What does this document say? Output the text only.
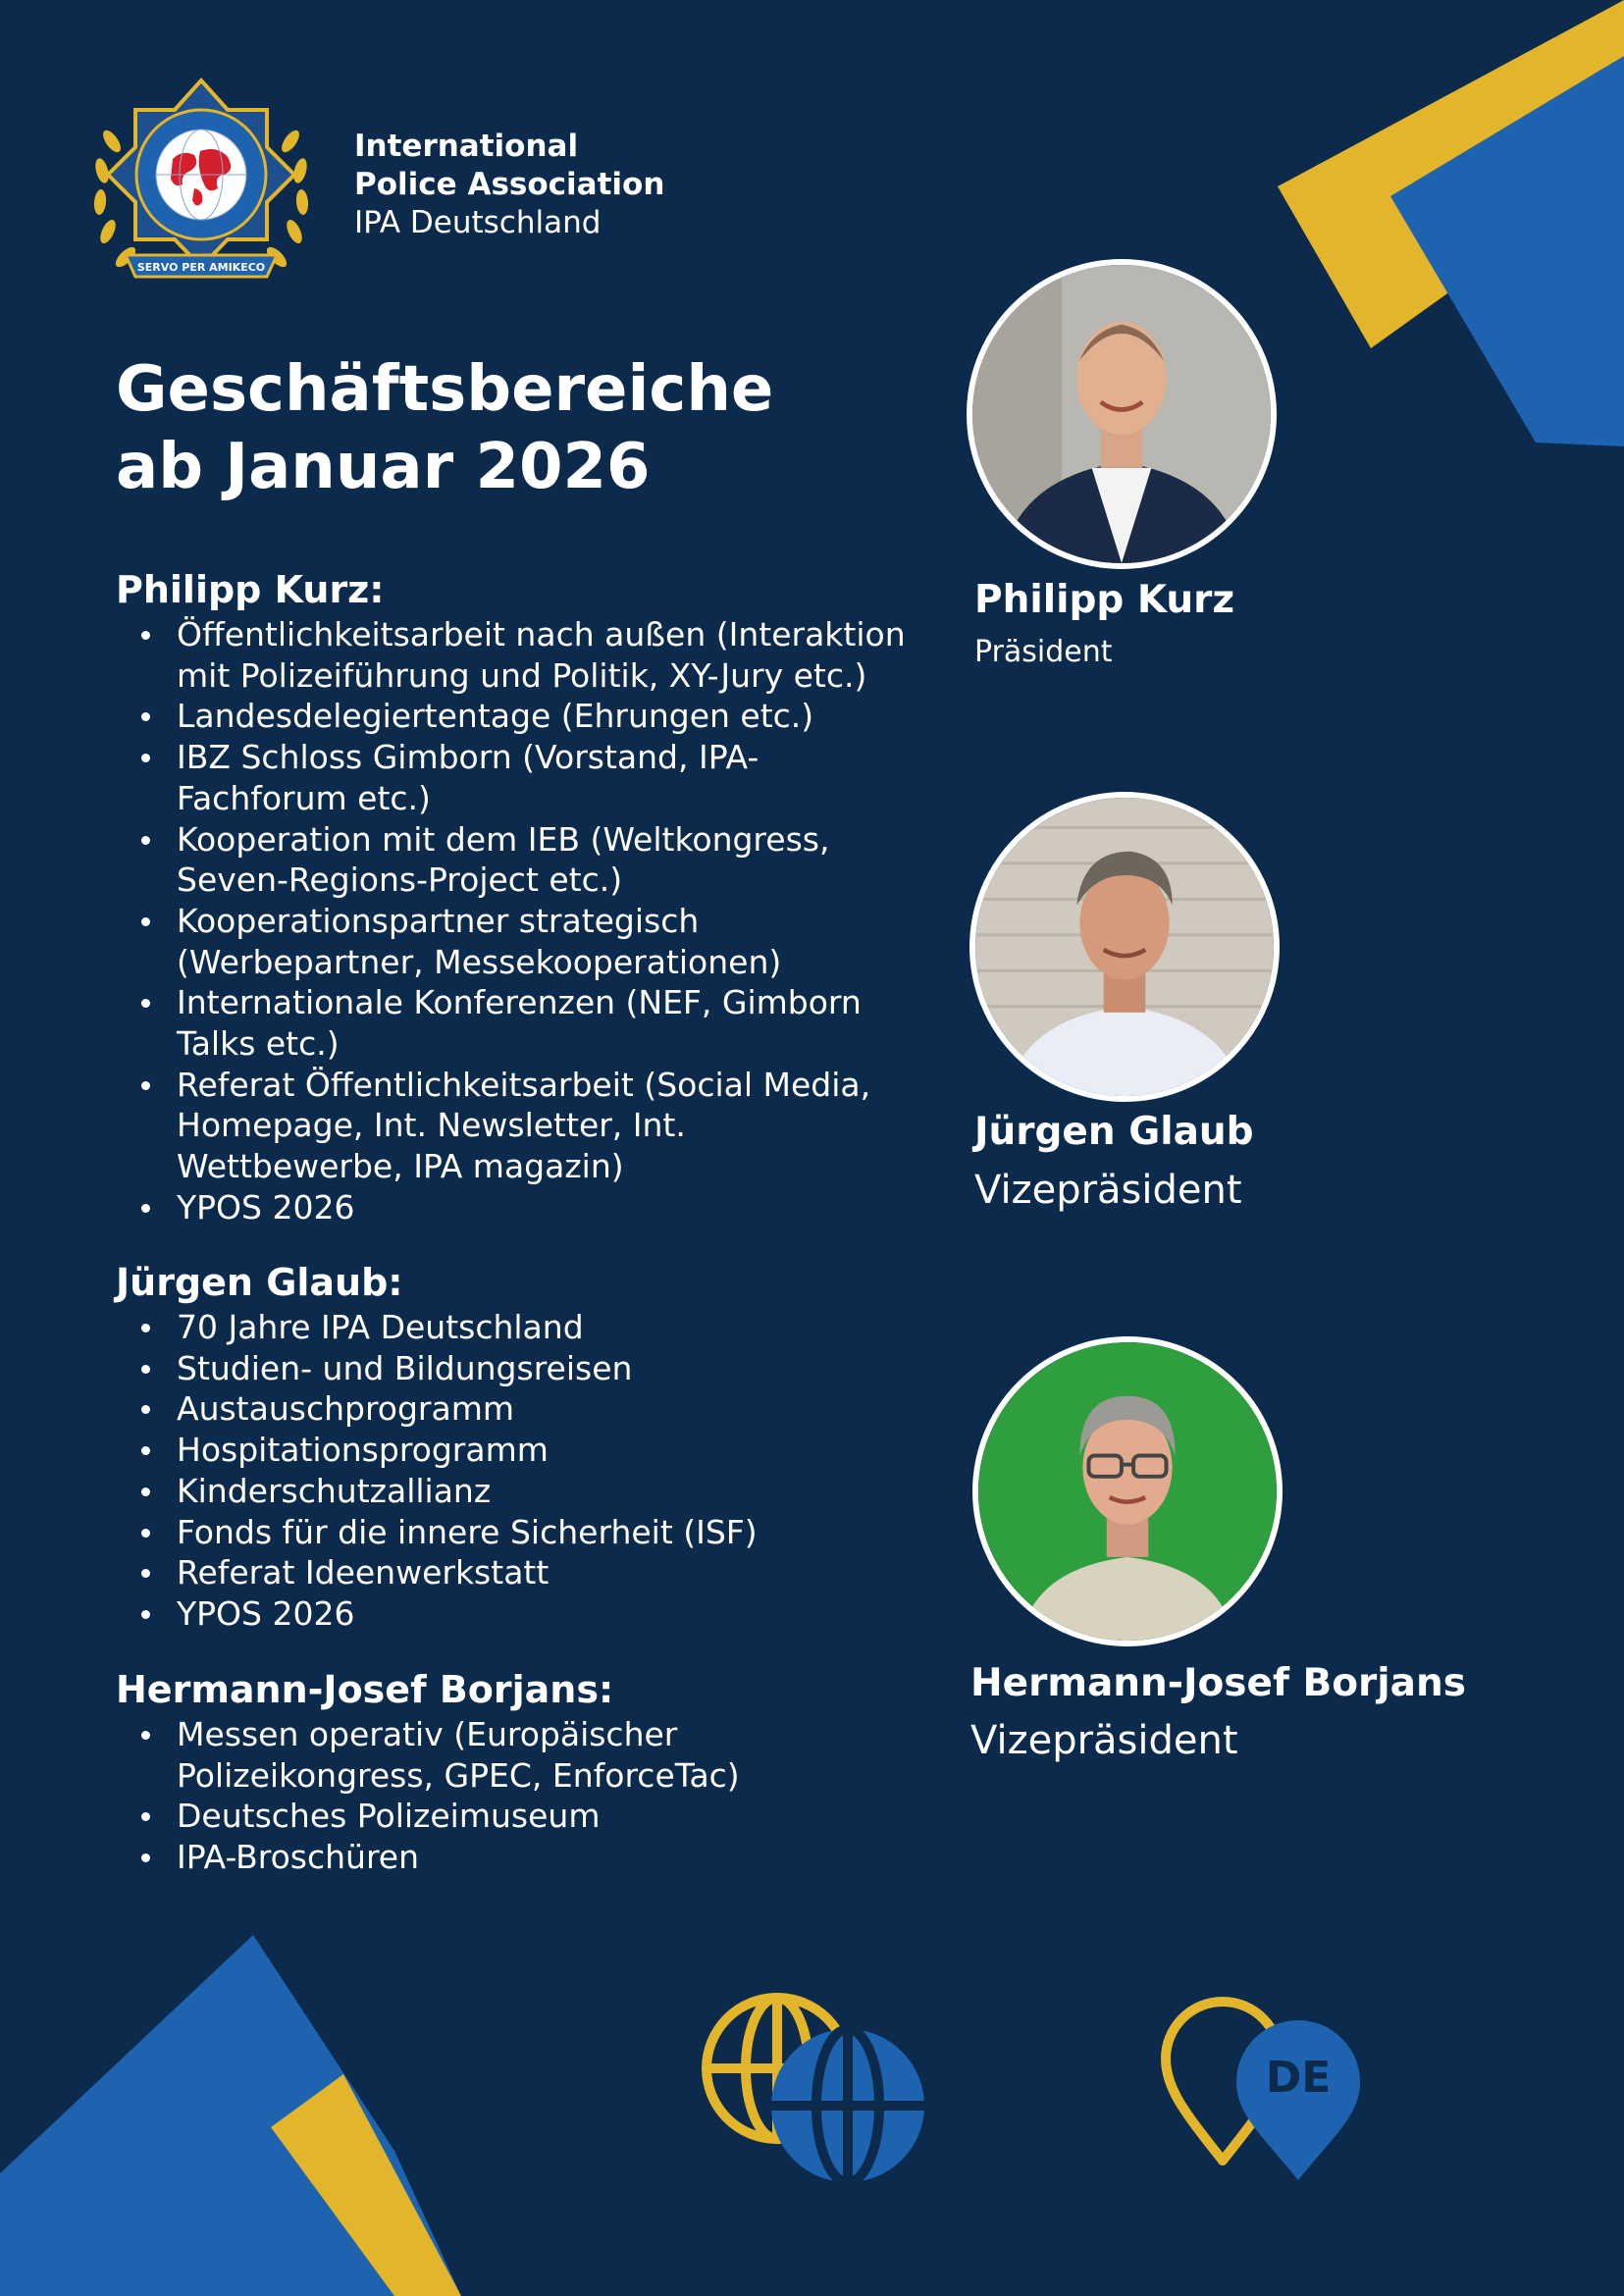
SERVO PER AMIKECO
International
Police Association
IPA Deutschland
Geschäftsbereiche
ab Januar 2026
Philipp Kurz:
Öffentlichkeitsarbeit nach außen (Interaktion
mit Polizeiführung und Politik, XY-Jury etc.)
Landesdelegiertentage (Ehrungen etc.)
IBZ Schloss Gimborn (Vorstand, IPA-
Fachforum etc.)
Kooperation mit dem IEB (Weltkongress,
Seven-Regions-Project etc.)
Kooperationspartner strategisch
(Werbepartner, Messekooperationen)
Internationale Konferenzen (NEF, Gimborn
Talks etc.)
Referat Öffentlichkeitsarbeit (Social Media,
Homepage, Int. Newsletter, Int.
Wettbewerbe, IPA magazin)
YPOS 2026
Jürgen Glaub:
70 Jahre IPA Deutschland
Studien- und Bildungsreisen
Austauschprogramm
Hospitationsprogramm
Kinderschutzallianz
Fonds für die innere Sicherheit (ISF)
Referat Ideenwerkstatt
YPOS 2026
Hermann-Josef Borjans:
Messen operativ (Europäischer
Polizeikongress, GPEC, EnforceTac)
Deutsches Polizeimuseum
IPA-Broschüren
Philipp Kurz
Präsident
Jürgen Glaub
Vizepräsident
Hermann-Josef Borjans
Vizepräsident
DE
